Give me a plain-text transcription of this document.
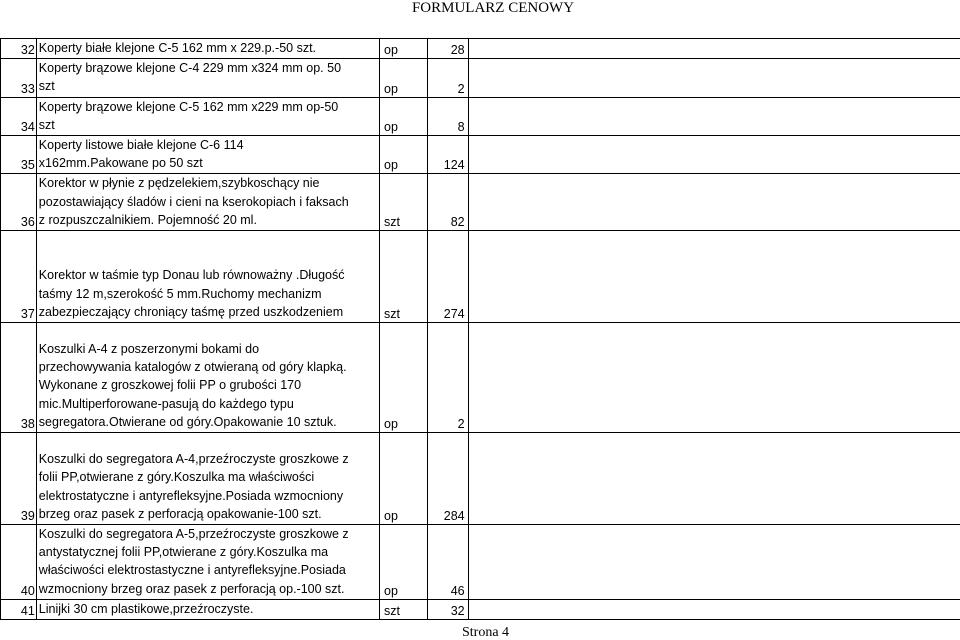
FORMULARZ CENOWY
32	Koperty białe klejone C-5 162 mm x 229.p.-50 szt.	op	28	
33	Koperty brązowe klejone C-4 229 mm x324 mm op. 50
szt	op	2	
34	Koperty brązowe klejone C-5 162 mm x229 mm op-50
szt	op	8	
35	Koperty listowe białe klejone C-6 114
x162mm.Pakowane po 50 szt	op	124	
36	Korektor w płynie z pędzelekiem,szybkoschący nie
pozostawiający śladów i cieni na kserokopiach i faksach
z rozpuszczalnikiem. Pojemność 20 ml.	szt	82	
37	Korektor w taśmie typ Donau lub równoważny .Długość
taśmy 12 m,szerokość 5 mm.Ruchomy mechanizm
zabezpieczający chroniący taśmę przed uszkodzeniem	szt	274	
38	Koszulki A-4 z poszerzonymi bokami do
przechowywania katalogów z otwieraną od góry klapką.
Wykonane z groszkowej folii PP o grubości 170
mic.Multiperforowane-pasują do każdego typu
segregatora.Otwierane od góry.Opakowanie 10 sztuk.	op	2	
39	Koszulki do segregatora A-4,przeźroczyste groszkowe z
folii PP,otwierane z góry.Koszulka ma właściwości
elektrostatyczne i antyrefleksyjne.Posiada wzmocniony
brzeg oraz pasek z perforacją opakowanie-100 szt.	op	284	
40	Koszulki do segregatora A-5,przeźroczyste groszkowe z
antystatycznej folii PP,otwierane z góry.Koszulka ma
właściwości elektrostastyczne i antyrefleksyjne.Posiada
wzmocniony brzeg oraz pasek z perforacją op.-100 szt.	op	46	
41	Linijki 30 cm plastikowe,przeźroczyste.	szt	32	
Strona 4
